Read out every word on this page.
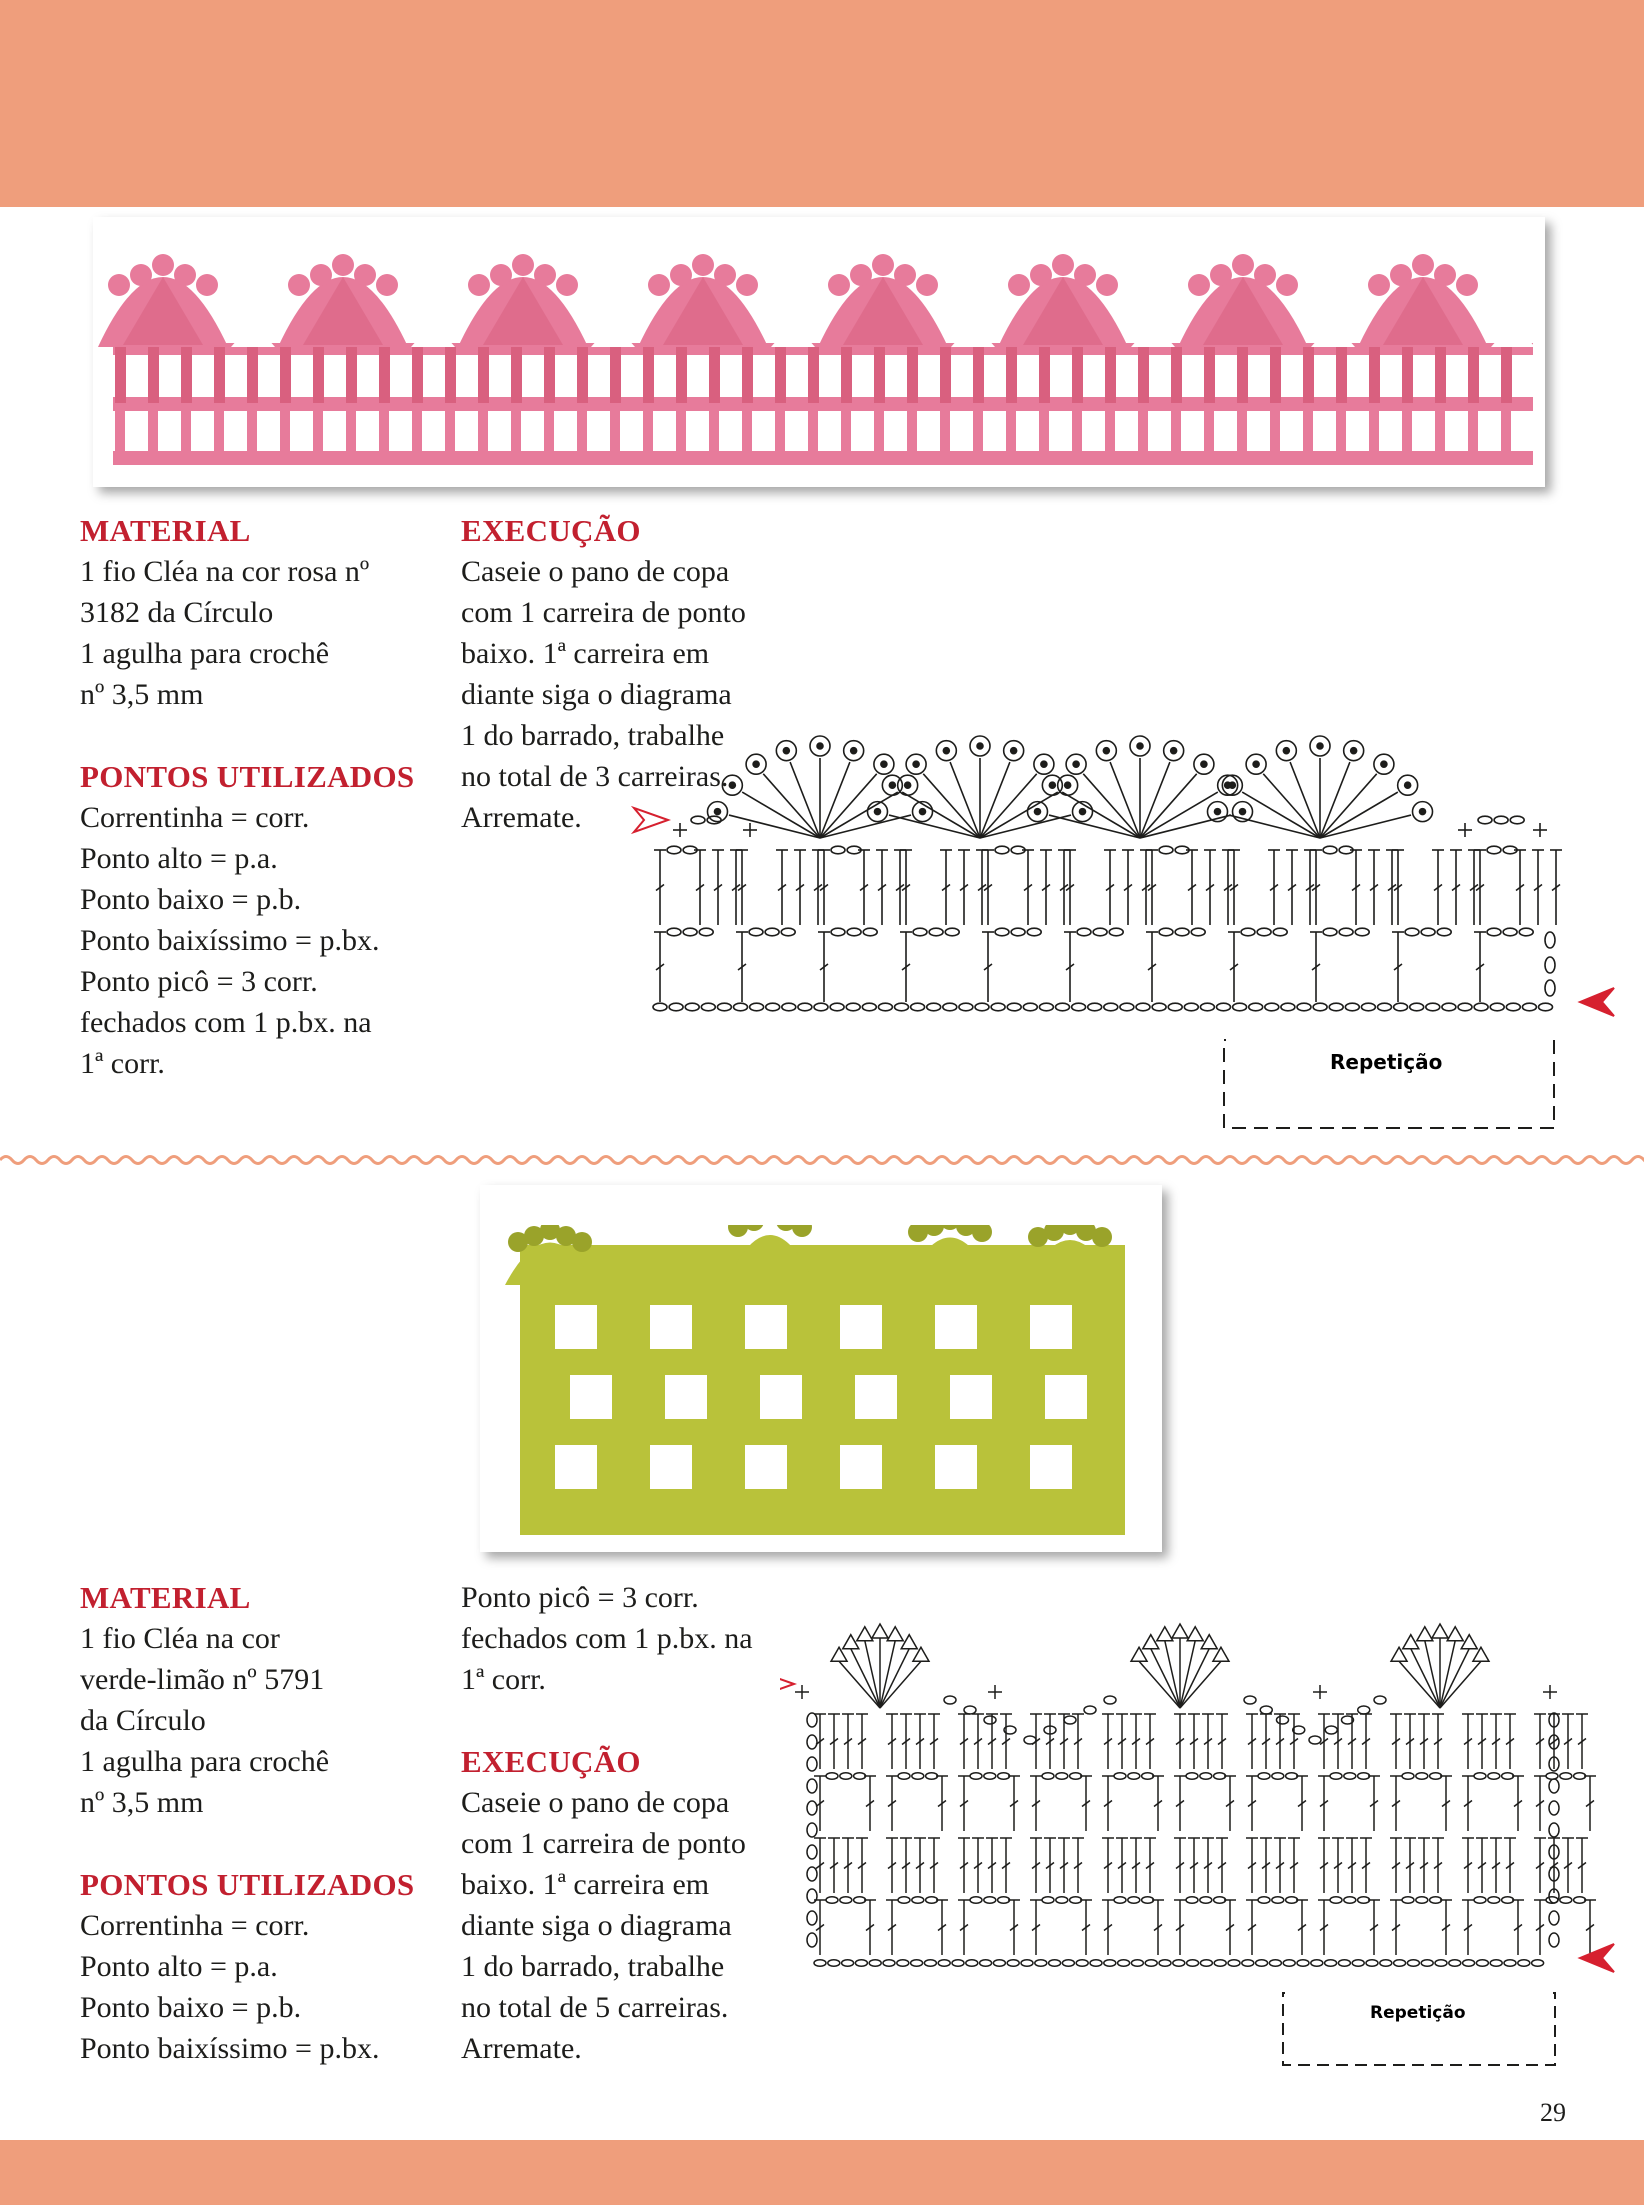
MATERIAL
1 fio Cléa na cor rosa nº
3182 da Círculo
1 agulha para crochê
nº 3,5 mm
PONTOS UTILIZADOS
Correntinha = corr.
Ponto alto = p.a.
Ponto baixo = p.b.
Ponto baixíssimo = p.bx.
Ponto picô = 3 corr.
fechados com 1 p.bx. na
1ª corr.
EXECUÇÃO
Caseie o pano de copa
com 1 carreira de ponto
baixo. 1ª carreira em
diante siga o diagrama
1 do barrado, trabalhe
no total de 3 carreiras.
Arremate.
Repetição
MATERIAL
1 fio Cléa na cor
verde-limão nº 5791
da Círculo
1 agulha para crochê
nº 3,5 mm
PONTOS UTILIZADOS
Correntinha = corr.
Ponto alto = p.a.
Ponto baixo = p.b.
Ponto baixíssimo = p.bx.
Ponto picô = 3 corr.
fechados com 1 p.bx. na
1ª corr.
EXECUÇÃO
Caseie o pano de copa
com 1 carreira de ponto
baixo. 1ª carreira em
diante siga o diagrama
1 do barrado, trabalhe
no total de 5 carreiras.
Arremate.
Repetição
29
